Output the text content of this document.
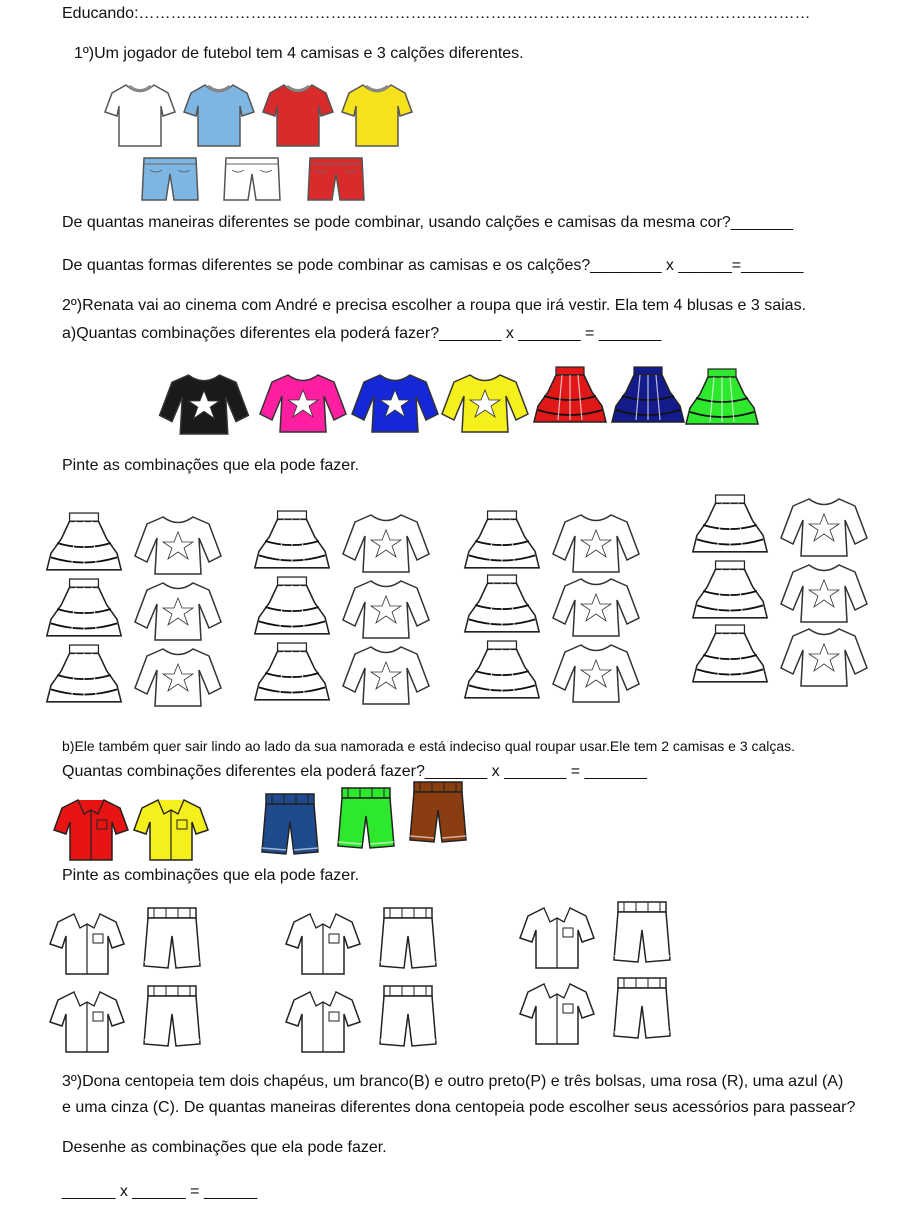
Educando:………………………………………………………………………………………………………………
1º)Um jogador de futebol tem 4 camisas e 3 calções diferentes.
De quantas maneiras diferentes se pode combinar, usando calções e camisas da mesma cor?_______
De quantas formas diferentes se pode combinar as camisas e os calções?________ x ______=_______
2º)Renata vai ao cinema com André e precisa escolher a roupa que irá vestir. Ela tem 4 blusas e 3 saias.
a)Quantas combinações diferentes ela poderá fazer?_______ x _______ = _______
Pinte as combinações que ela pode fazer.
b)Ele também quer sair lindo ao lado da sua namorada e está indeciso qual roupar usar.Ele tem 2 camisas e 3 calças.
Quantas combinações diferentes ela poderá fazer?_______ x _______ = _______
Pinte as combinações que ela pode fazer.
3º)Dona centopeia tem dois chapéus, um branco(B) e outro preto(P) e três bolsas, uma rosa (R), uma azul (A)
e uma cinza (C). De quantas maneiras diferentes dona centopeia pode escolher seus acessórios para passear?
Desenhe as combinações que ela pode fazer.
______ x ______ = ______
